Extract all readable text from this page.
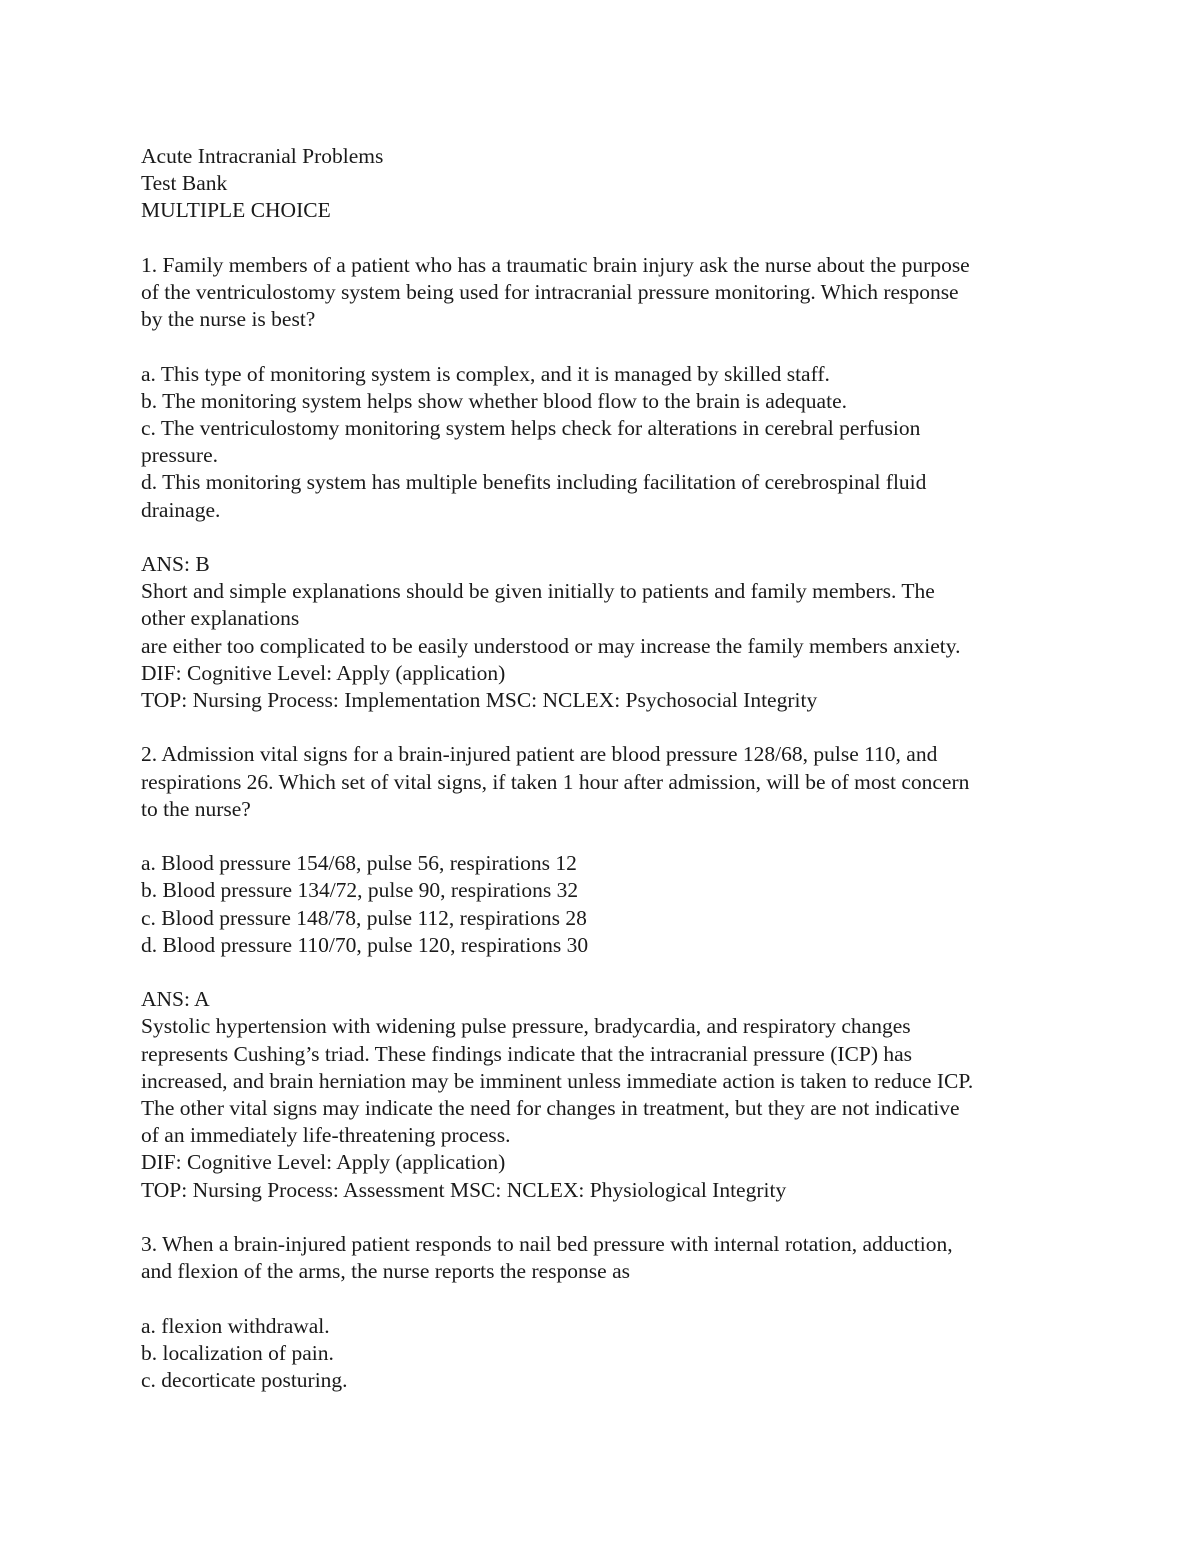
Acute Intracranial Problems
Test Bank
MULTIPLE CHOICE
1. Family members of a patient who has a traumatic brain injury ask the nurse about the purpose
of the ventriculostomy system being used for intracranial pressure monitoring. Which response
by the nurse is best?
a. This type of monitoring system is complex, and it is managed by skilled staff.
b. The monitoring system helps show whether blood flow to the brain is adequate.
c. The ventriculostomy monitoring system helps check for alterations in cerebral perfusion
pressure.
d. This monitoring system has multiple benefits including facilitation of cerebrospinal fluid
drainage.
ANS: B
Short and simple explanations should be given initially to patients and family members. The
other explanations
are either too complicated to be easily understood or may increase the family members anxiety.
DIF: Cognitive Level: Apply (application)
TOP: Nursing Process: Implementation MSC: NCLEX: Psychosocial Integrity
2. Admission vital signs for a brain-injured patient are blood pressure 128/68, pulse 110, and
respirations 26. Which set of vital signs, if taken 1 hour after admission, will be of most concern
to the nurse?
a. Blood pressure 154/68, pulse 56, respirations 12
b. Blood pressure 134/72, pulse 90, respirations 32
c. Blood pressure 148/78, pulse 112, respirations 28
d. Blood pressure 110/70, pulse 120, respirations 30
ANS: A
Systolic hypertension with widening pulse pressure, bradycardia, and respiratory changes
represents Cushing’s triad. These findings indicate that the intracranial pressure (ICP) has
increased, and brain herniation may be imminent unless immediate action is taken to reduce ICP.
The other vital signs may indicate the need for changes in treatment, but they are not indicative
of an immediately life-threatening process.
DIF: Cognitive Level: Apply (application)
TOP: Nursing Process: Assessment MSC: NCLEX: Physiological Integrity
3. When a brain-injured patient responds to nail bed pressure with internal rotation, adduction,
and flexion of the arms, the nurse reports the response as
a. flexion withdrawal.
b. localization of pain.
c. decorticate posturing.
